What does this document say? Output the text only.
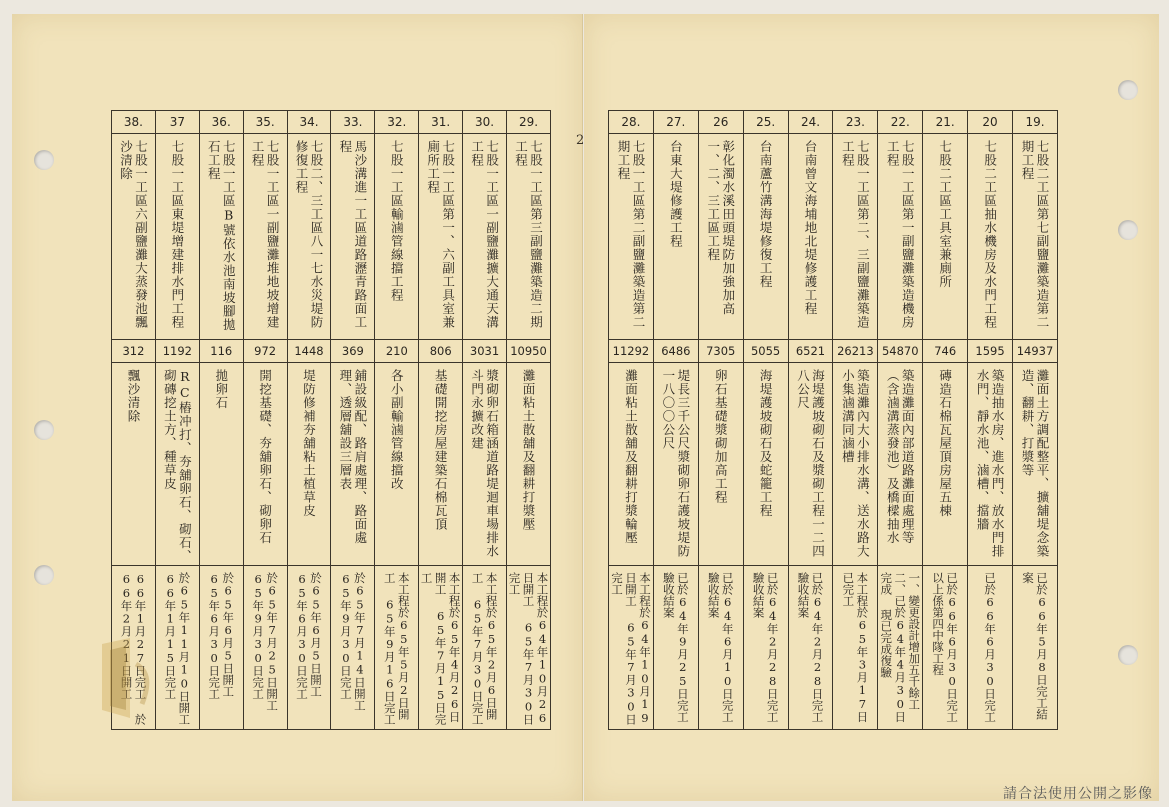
2
38.	37	36.	35.	34.	33.	32.	31.	30.	29.

七股一工區六副鹽灘大蒸發池飄沙清除	七股一工區東堤增建排水門工程	七股一工區B號依水池南坡腳拋石工程	七股一工區一副鹽灘堆地坡增建工程	七股二、三工區八一七水災堤防修復工程	馬沙溝進一工區道路瀝青路面工程	七股一工區輸滷管線擋工程	七股一工區第一、六副工具室兼廁所工程	七股一工區一副鹽灘擴大通天溝工程	七股一工區第三副鹽灘築造二期工程

312	1192	116	972	1448	369	210	806	3031	10950

飄沙清除	RC樁冲打、夯舖卵石、砌石、砌磚挖土方、種草皮	拋卵石	開挖基礎、夯舖卵石、砌卵石	堤防修補夯舖粘土植草皮	鋪設級配、路肩處理、路面處理、透層舖設三層表	各小副輸滷管線擋改	基礎開挖房屋建築石棉瓦頂	漿砌卵石箱涵道路堤迴車場排水斗門永擴改建	灘面粘土散舖及翻耕打漿壓

66年1月27日完工 於66年2月21日開工	於65年11月10日開工 66年1月15日完工	於65年6月5日開工 65年6月30日完工	於65年7月25日開工 65年9月30日完工	於65年6月5日開工 65年6月30日完工	於65年7月14日開工 65年9月30日完工	本工程於65年5月2日開工 65年9月16日完工	本工程於65年4月26日開工 65年7月15日完工	本工程於65年2月6日開工 65年7月30日完工	本工程於64年10月26日開工 65年7月30日完工
28.	27.	26	25.	24.	23.	22.	21.	20	19.

七股一工區第二副鹽灘築造第二期工程	台東大堤修護工程	彰化濁水溪田頭堤防加強加高一、二、三工區工程	台南蘆竹溝海堤修復工程	台南曾文海埔地北堤修護工程	七股一工區第二、三副鹽灘築造工程	七股一工區第一副鹽灘築造機房工程	七股二工區工具室兼廁所	七股二工區抽水機房及水門工程	七股二工區第七副鹽灘築造第二期工程

11292	6486	7305	5055	6521	26213	54870	746	1595	14937

灘面粘土散舖及翻耕打漿輪壓	堤長三千公尺漿砌卵石護坡堤防一八〇〇公尺	卵石基礎漿砌加高工程	海堤護坡砌石及蛇籠工程	海堤護坡砌石及漿砌工程一二四八公尺	築造灘內大小排水溝、送水路大小集滷溝同滷槽	築造灘面內部道路灘面處理等（含滷溝蒸發池）及橋樑抽水	磚造石棉瓦屋頂房屋五棟	築造抽水房、進水門、放水門排水門、靜水池、滷槽、擋牆	灘面土方調配整平、擴舖堤念築造、翻耕、打漿等

本工程於64年10月19日開工 65年7月30日完工	已於64年9月25日完工驗收結案	已於64年6月10日完工驗收結案	已於64年2月28日完工驗收結案	已於64年2月28日完工驗收結案	本工程於65年3月17日已完工	一、變更設計增加五千餘工 二、已於64年4月30日完成 現已完成復驗	已於66年6月30日完工 以上係第四中隊工程	已於66年6月30日完工	已於66年5月8日完工結案
請合法使用公開之影像
